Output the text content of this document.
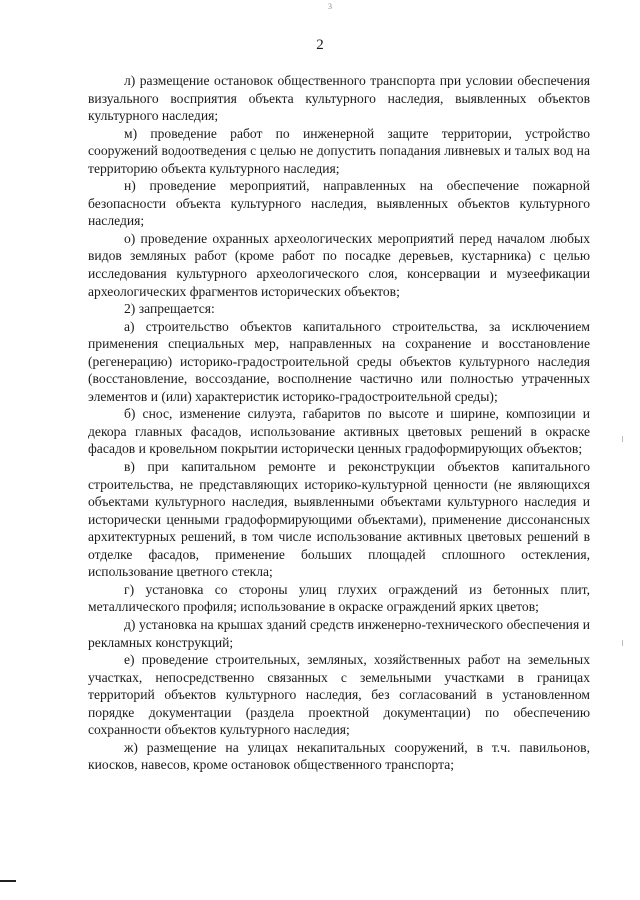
3
2

л) размещение остановок общественного транспорта при условии обеспечения визуального восприятия объекта культурного наследия, выявленных объектов культурного наследия;

м) проведение работ по инженерной защите территории, устройство сооружений водоотведения с целью не допустить попадания ливневых и талых вод на территорию объекта культурного наследия;

н) проведение мероприятий, направленных на обеспечение пожарной безопасности объекта культурного наследия, выявленных объектов культурного наследия;

о) проведение охранных археологических мероприятий перед началом любых видов земляных работ (кроме работ по посадке деревьев, кустарника) с целью исследования культурного археологического слоя, консервации и музеефикации археологических фрагментов исторических объектов;

2) запрещается:

а) строительство объектов капитального строительства, за исключением применения специальных мер, направленных на сохранение и восстановление (регенерацию) историко-градостроительной среды объектов культурного наследия (восстановление, воссоздание, восполнение частично или полностью утраченных элементов и (или) характеристик историко-градостроительной среды);

б) снос, изменение силуэта, габаритов по высоте и ширине, композиции и декора главных фасадов, использование активных цветовых решений в окраске фасадов и кровельном покрытии исторически ценных градоформирующих объектов;

в) при капитальном ремонте и реконструкции объектов капитального строительства, не представляющих историко-культурной ценности (не являющихся объектами культурного наследия, выявленными объектами культурного наследия и исторически ценными градоформирующими объектами), применение диссонансных архитектурных решений, в том числе использование активных цветовых решений в отделке фасадов, применение больших площадей сплошного остекления, использование цветного стекла;

г) установка со стороны улиц глухих ограждений из бетонных плит, металлического профиля; использование в окраске ограждений ярких цветов;

д) установка на крышах зданий средств инженерно-технического обеспечения и рекламных конструкций;

е) проведение строительных, земляных, хозяйственных работ на земельных участках, непосредственно связанных с земельными участками в границах территорий объектов культурного наследия, без согласований в установленном порядке документации (раздела проектной документации) по обеспечению сохранности объектов культурного наследия;

ж) размещение на улицах некапитальных сооружений, в т.ч. павильонов, киосков, навесов, кроме остановок общественного транспорта;
